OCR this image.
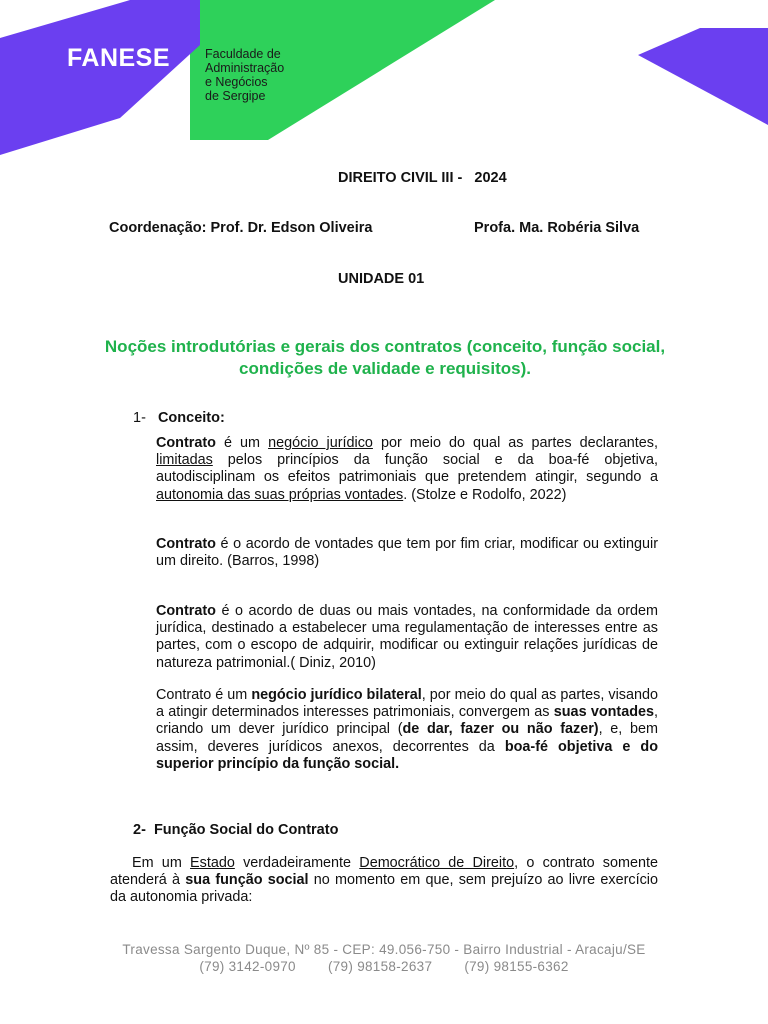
FANESE	Faculdade de
Administração
e Negócios
de Sergipe
DIREITO CIVIL III -   2024
Coordenação: Prof. Dr. Edson Oliveira	Profa. Ma. Robéria Silva
UNIDADE 01
Noções introdutórias e gerais dos contratos (conceito, função social, condições de validade e requisitos).
1- Conceito:
Contrato é um negócio jurídico por meio do qual as partes declarantes, limitadas pelos princípios da função social e da boa-fé objetiva, autodisciplinam os efeitos patrimoniais que pretendem atingir, segundo a autonomia das suas próprias vontades. (Stolze e Rodolfo, 2022)
Contrato é o acordo de vontades que tem por fim criar, modificar ou extinguir um direito. (Barros, 1998)
Contrato é o acordo de duas ou mais vontades, na conformidade da ordem jurídica, destinado a estabelecer uma regulamentação de interesses entre as partes, com o escopo de adquirir, modificar ou extinguir relações jurídicas de natureza patrimonial.( Diniz, 2010)
Contrato é um negócio jurídico bilateral, por meio do qual as partes, visando a atingir determinados interesses patrimoniais, convergem as suas vontades, criando um dever jurídico principal (de dar, fazer ou não fazer), e, bem assim, deveres jurídicos anexos, decorrentes da boa-fé objetiva e do superior princípio da função social.
2-  Função Social do Contrato
Em um Estado verdadeiramente Democrático de Direito, o contrato somente atenderá à sua função social no momento em que, sem prejuízo ao livre exercício da autonomia privada:
Travessa Sargento Duque, Nº 85 - CEP: 49.056-750 - Bairro Industrial - Aracaju/SE
(79) 3142-0970 (79) 98158-2637 (79) 98155-6362
